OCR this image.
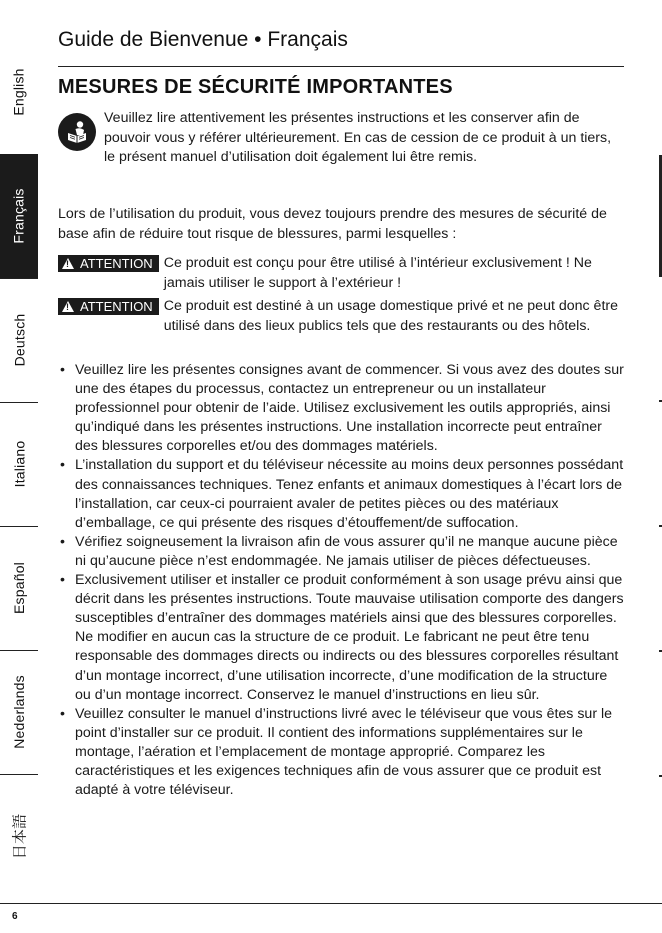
English
Français
Deutsch
Italiano
Español
Nederlands
日本語
Guide de Bienvenue • Français
MESURES DE SÉCURITÉ IMPORTANTES
Veuillez lire attentivement les présentes instructions et les conserver afin de pouvoir vous y référer ultérieurement. En cas de cession de ce produit à un tiers, le présent manuel d’utilisation doit également lui être remis.
Lors de l’utilisation du produit, vous devez toujours prendre des mesures de sécurité de base afin de réduire tout risque de blessures, parmi lesquelles :
!
ATTENTION Ce produit est conçu pour être utilisé à l’intérieur exclusivement ! Ne jamais utiliser le support à l’extérieur !
!
ATTENTION Ce produit est destiné à un usage domestique privé et ne peut donc être utilisé dans des lieux publics tels que des restaurants ou des hôtels.
• Veuillez lire les présentes consignes avant de commencer. Si vous avez des doutes sur une des étapes du processus, contactez un entrepreneur ou un installateur professionnel pour obtenir de l’aide. Utilisez exclusivement les outils appropriés, ainsi qu’indiqué dans les présentes instructions. Une installation incorrecte peut entraîner des blessures corporelles et/ou des dommages matériels.
• L’installation du support et du téléviseur nécessite au moins deux personnes possédant des connaissances techniques. Tenez enfants et animaux domestiques à l’écart lors de l’installation, car ceux-ci pourraient avaler de petites pièces ou des matériaux d’emballage, ce qui présente des risques d’étouffement/de suffocation.
• Vérifiez soigneusement la livraison afin de vous assurer qu’il ne manque aucune pièce ni qu’aucune pièce n’est endommagée. Ne jamais utiliser de pièces défectueuses.
• Exclusivement utiliser et installer ce produit conformément à son usage prévu ainsi que décrit dans les présentes instructions. Toute mauvaise utilisation comporte des dangers susceptibles d’entraîner des dommages matériels ainsi que des blessures corporelles. Ne modifier en aucun cas la structure de ce produit. Le fabricant ne peut être tenu responsable des dommages directs ou indirects ou des blessures corporelles résultant d’un montage incorrect, d’une utilisation incorrecte, d’une modification de la structure ou d’un montage incorrect. Conservez le manuel d’instructions en lieu sûr.
• Veuillez consulter le manuel d’instructions livré avec le téléviseur que vous êtes sur le point d’installer sur ce produit. Il contient des informations supplémentaires sur le montage, l’aération et l’emplacement de montage approprié. Comparez les caractéristiques et les exigences techniques afin de vous assurer que ce produit est adapté à votre téléviseur.
6
